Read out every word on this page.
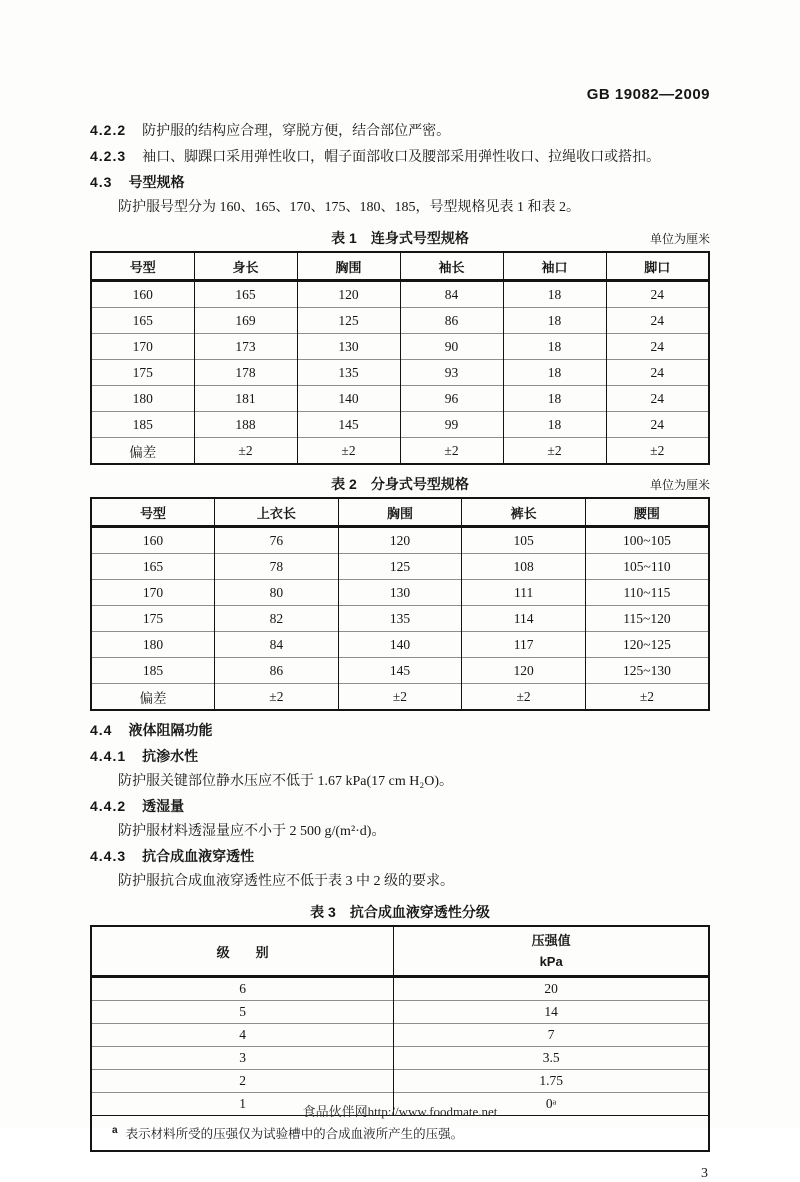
GB 19082—2009

4.2.2 防护服的结构应合理，穿脱方便，结合部位严密。

4.2.3 袖口、脚踝口采用弹性收口，帽子面部收口及腰部采用弹性收口、拉绳收口或搭扣。

4.3 号型规格

防护服号型分为 160、165、170、175、180、185，号型规格见表 1 和表 2。

表 1　连身式号型规格	单位为厘米
号型	身长	胸围	袖长	袖口	脚口
160	165	120	84	18	24
165	169	125	86	18	24
170	173	130	90	18	24
175	178	135	93	18	24
180	181	140	96	18	24
185	188	145	99	18	24
偏差	±2	±2	±2	±2	±2
表 2　分身式号型规格	单位为厘米
号型	上衣长	胸围	裤长	腰围
160	76	120	105	100~105
165	78	125	108	105~110
170	80	130	111	110~115
175	82	135	114	115~120
180	84	140	117	120~125
185	86	145	120	125~130
偏差	±2	±2	±2	±2

4.4 液体阻隔功能

4.4.1 抗渗水性

防护服关键部位静水压应不低于 1.67 kPa(17 cm H₂O)。

4.4.2 透湿量

防护服材料透湿量应不小于 2 500 g/(m²·d)。

4.4.3 抗合成血液穿透性

防护服抗合成血液穿透性应不低于表 3 中 2 级的要求。

表 3　抗合成血液穿透性分级
级　　别	压强值
kPa

6	20
5	14
4	7
3	3.5
2	1.75
1	0ᵃ
$^a$ 表示材料所受的压强仅为试验槽中的合成血液所产生的压强。	

3

食品伙伴网http://www.foodmate.net
